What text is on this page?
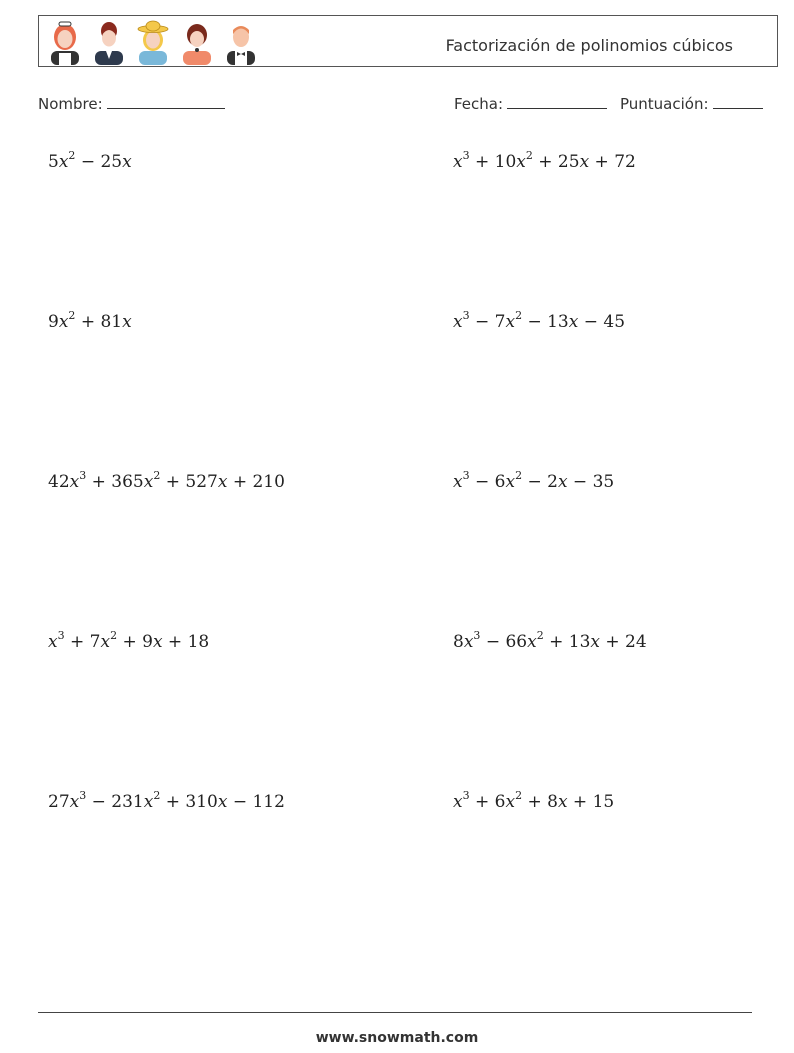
Factorización de polinomios cúbicos
Nombre:	Fecha:	Puntuación:
$5x^2 - 25x$	$x^3 + 10x^2 + 25x + 72$
$9x^2 + 81x$	$x^3 - 7x^2 - 13x - 45$
$42x^3 + 365x^2 + 527x + 210$	$x^3 - 6x^2 - 2x - 35$
$x^3 + 7x^2 + 9x + 18$	$8x^3 - 66x^2 + 13x + 24$
$27x^3 - 231x^2 + 310x - 112$	$x^3 + 6x^2 + 8x + 15$
www.snowmath.com
